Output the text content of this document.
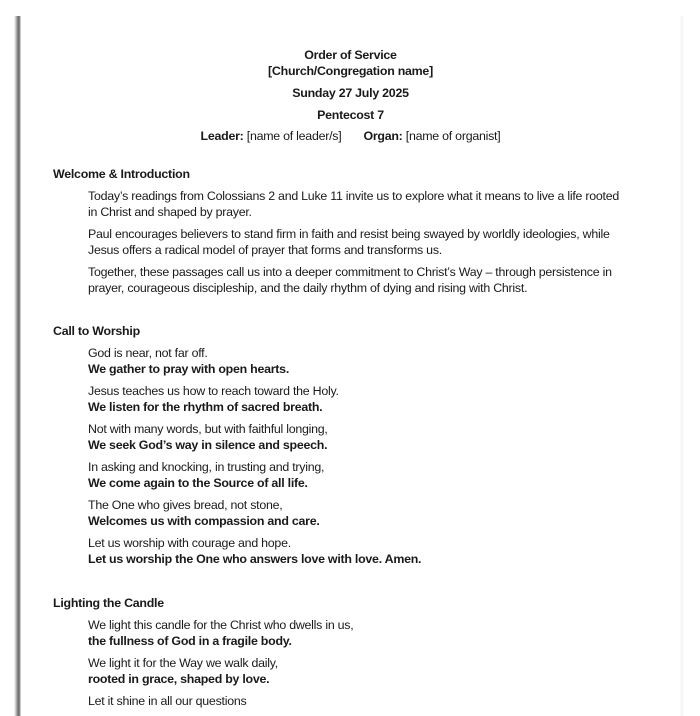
Order of Service
[Church/Congregation name]
Sunday 27 July 2025
Pentecost 7
Leader: [name of leader/s] Organ: [name of organist]
Welcome & Introduction
Today’s readings from Colossians 2 and Luke 11 invite us to explore what it means to live a life rooted
in Christ and shaped by prayer.
Paul encourages believers to stand firm in faith and resist being swayed by worldly ideologies, while
Jesus offers a radical model of prayer that forms and transforms us.
Together, these passages call us into a deeper commitment to Christ’s Way – through persistence in
prayer, courageous discipleship, and the daily rhythm of dying and rising with Christ.
Call to Worship
God is near, not far off.
We gather to pray with open hearts.
Jesus teaches us how to reach toward the Holy.
We listen for the rhythm of sacred breath.
Not with many words, but with faithful longing,
We seek God’s way in silence and speech.
In asking and knocking, in trusting and trying,
We come again to the Source of all life.
The One who gives bread, not stone,
Welcomes us with compassion and care.
Let us worship with courage and hope.
Let us worship the One who answers love with love. Amen.
Lighting the Candle
We light this candle for the Christ who dwells in us,
the fullness of God in a fragile body.
We light it for the Way we walk daily,
rooted in grace, shaped by love.
Let it shine in all our questions
